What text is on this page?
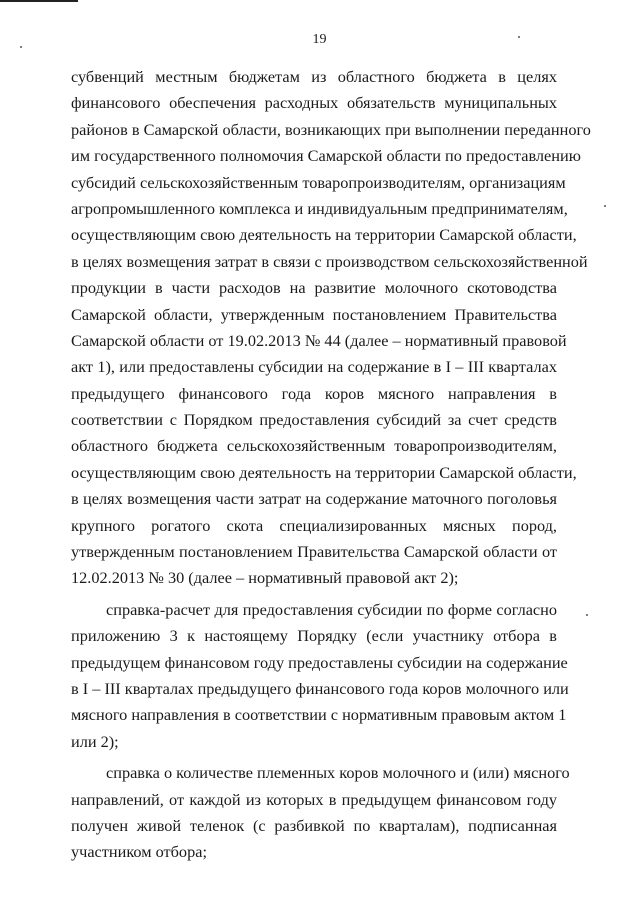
19
субвенций местным бюджетам из областного бюджета в целях
финансового обеспечения расходных обязательств муниципальных
районов в Самарской области, возникающих при выполнении переданного
им государственного полномочия Самарской области по предоставлению
субсидий сельскохозяйственным товаропроизводителям, организациям
агропромышленного комплекса и индивидуальным предпринимателям,
осуществляющим свою деятельность на территории Самарской области,
в целях возмещения затрат в связи с производством сельскохозяйственной
продукции в части расходов на развитие молочного скотоводства
Самарской области, утвержденным постановлением Правительства
Самарской области от 19.02.2013 № 44 (далее – нормативный правовой
акт 1), или предоставлены субсидии на содержание в I – III кварталах
предыдущего финансового года коров мясного направления в
соответствии с Порядком предоставления субсидий за счет средств
областного бюджета сельскохозяйственным товаропроизводителям,
осуществляющим свою деятельность на территории Самарской области,
в целях возмещения части затрат на содержание маточного поголовья
крупного рогатого скота специализированных мясных пород,
утвержденным постановлением Правительства Самарской области от
12.02.2013 № 30 (далее – нормативный правовой акт 2);
справка-расчет для предоставления субсидии по форме согласно
приложению 3 к настоящему Порядку (если участнику отбора в
предыдущем финансовом году предоставлены субсидии на содержание
в I – III кварталах предыдущего финансового года коров молочного или
мясного направления в соответствии с нормативным правовым актом 1
или 2);
справка о количестве племенных коров молочного и (или) мясного
направлений, от каждой из которых в предыдущем финансовом году
получен живой теленок (с разбивкой по кварталам), подписанная
участником отбора;
